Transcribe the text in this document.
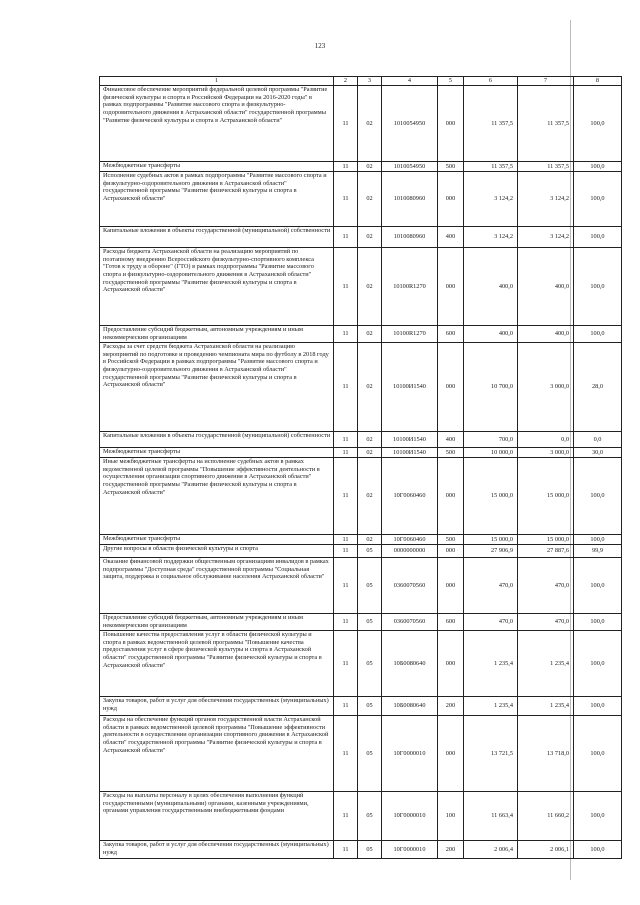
123
1	2	3	4	5	6	7	8
Финансовое обеспечение мероприятий федеральной целевой программы "Развитие физической культуры и спорта в Российской Федерации на 2016-2020 годы" в рамках подпрограммы "Развитие массового спорта и физкультурно-оздоровительного движения в Астраханской области" государственной программы "Развитие физической культуры и спорта в Астраханской области"	11	02	1010054950	000	11 357,5	11 357,5	100,0
Межбюджетные трансферты	11	02	1010054950	500	11 357,5	11 357,5	100,0
Исполнение судебных актов в рамках подпрограммы "Развитие массового спорта и физкультурно-оздоровительного движения в Астраханской области" государственной программы "Развитие физической культуры и спорта в Астраханской области"	11	02	1010080960	000	3 124,2	3 124,2	100,0
Капитальные вложения в объекты государственной (муниципальной) собственности	11	02	1010080960	400	3 124,2	3 124,2	100,0
Расходы бюджета Астраханской области на реализацию мероприятий по поэтапному внедрению Всероссийского физкультурно-спортивного комплекса "Готов к труду и обороне" (ГТО) в рамках подпрограммы "Развитие массового спорта и физкультурно-оздоровительного движения в Астраханской области" государственной программы "Развитие физической культуры и спорта в Астраханской области"	11	02	10100R1270	000	400,0	400,0	100,0
Предоставление субсидий бюджетным, автономным учреждениям и иным некоммерческим организациям	11	02	10100R1270	600	400,0	400,0	100,0
Расходы за счет средств бюджета Астраханской области на реализацию мероприятий по подготовке и проведению чемпионата мира по футболу в 2018 году в Российской Федерации в рамках подпрограммы "Развитие массового спорта и физкультурно-оздоровительного движения в Астраханской области" государственной программы "Развитие физической культуры и спорта в Астраханской области"	11	02	10100И1540	000	10 700,0	3 000,0	28,0
Капитальные вложения в объекты государственной (муниципальной) собственности	11	02	10100И1540	400	700,0	0,0	0,0
Межбюджетные трансферты	11	02	10100И1540	500	10 000,0	3 000,0	30,0
Иные межбюджетные трансферты на исполнение судебных актов в рамках ведомственной целевой программы "Повышение эффективности деятельности в осуществлении организации спортивного движения в Астраханской области" государственной программы "Развитие физической культуры и спорта в Астраханской области"	11	02	10Г0060460	000	15 000,0	15 000,0	100,0
Межбюджетные трансферты	11	02	10Г0060460	500	15 000,0	15 000,0	100,0
Другие вопросы в области физической культуры и спорта	11	05	0000000000	000	27 906,9	27 887,6	99,9
Оказание финансовой поддержки общественным организациям инвалидов в рамках подпрограммы "Доступная среда" государственной программы "Социальная защита, поддержка и социальное обслуживание населения Астраханской области"	11	05	0360070560	000	470,0	470,0	100,0
Предоставление субсидий бюджетным, автономным учреждениям и иным некоммерческим организациям	11	05	0360070560	600	470,0	470,0	100,0
Повышение качества предоставления услуг в области физической культуры и спорта в рамках ведомственной целевой программы "Повышение качества предоставления услуг в сфере физической культуры и спорта в Астраханской области" государственной программы "Развитие физической культуры и спорта в Астраханской области"	11	05	10Б0080640	000	1 235,4	1 235,4	100,0
Закупка товаров, работ и услуг для обеспечения государственных (муниципальных) нужд	11	05	10Б0080640	200	1 235,4	1 235,4	100,0
Расходы на обеспечение функций органов государственной власти Астраханской области в рамках ведомственной целевой программы "Повышение эффективности деятельности в осуществлении организации спортивного движения в Астраханской области" государственной программы "Развитие физической культуры и спорта в Астраханской области"	11	05	10Г0000010	000	13 721,5	13 718,0	100,0
Расходы на выплаты персоналу в целях обеспечения выполнения функций государственными (муниципальными) органами, казенными учреждениями, органами управления государственными внебюджетными фондами	11	05	10Г0000010	100	11 663,4	11 660,2	100,0
Закупка товаров, работ и услуг для обеспечения государственных (муниципальных) нужд	11	05	10Г0000010	200	2 006,4	2 006,1	100,0
